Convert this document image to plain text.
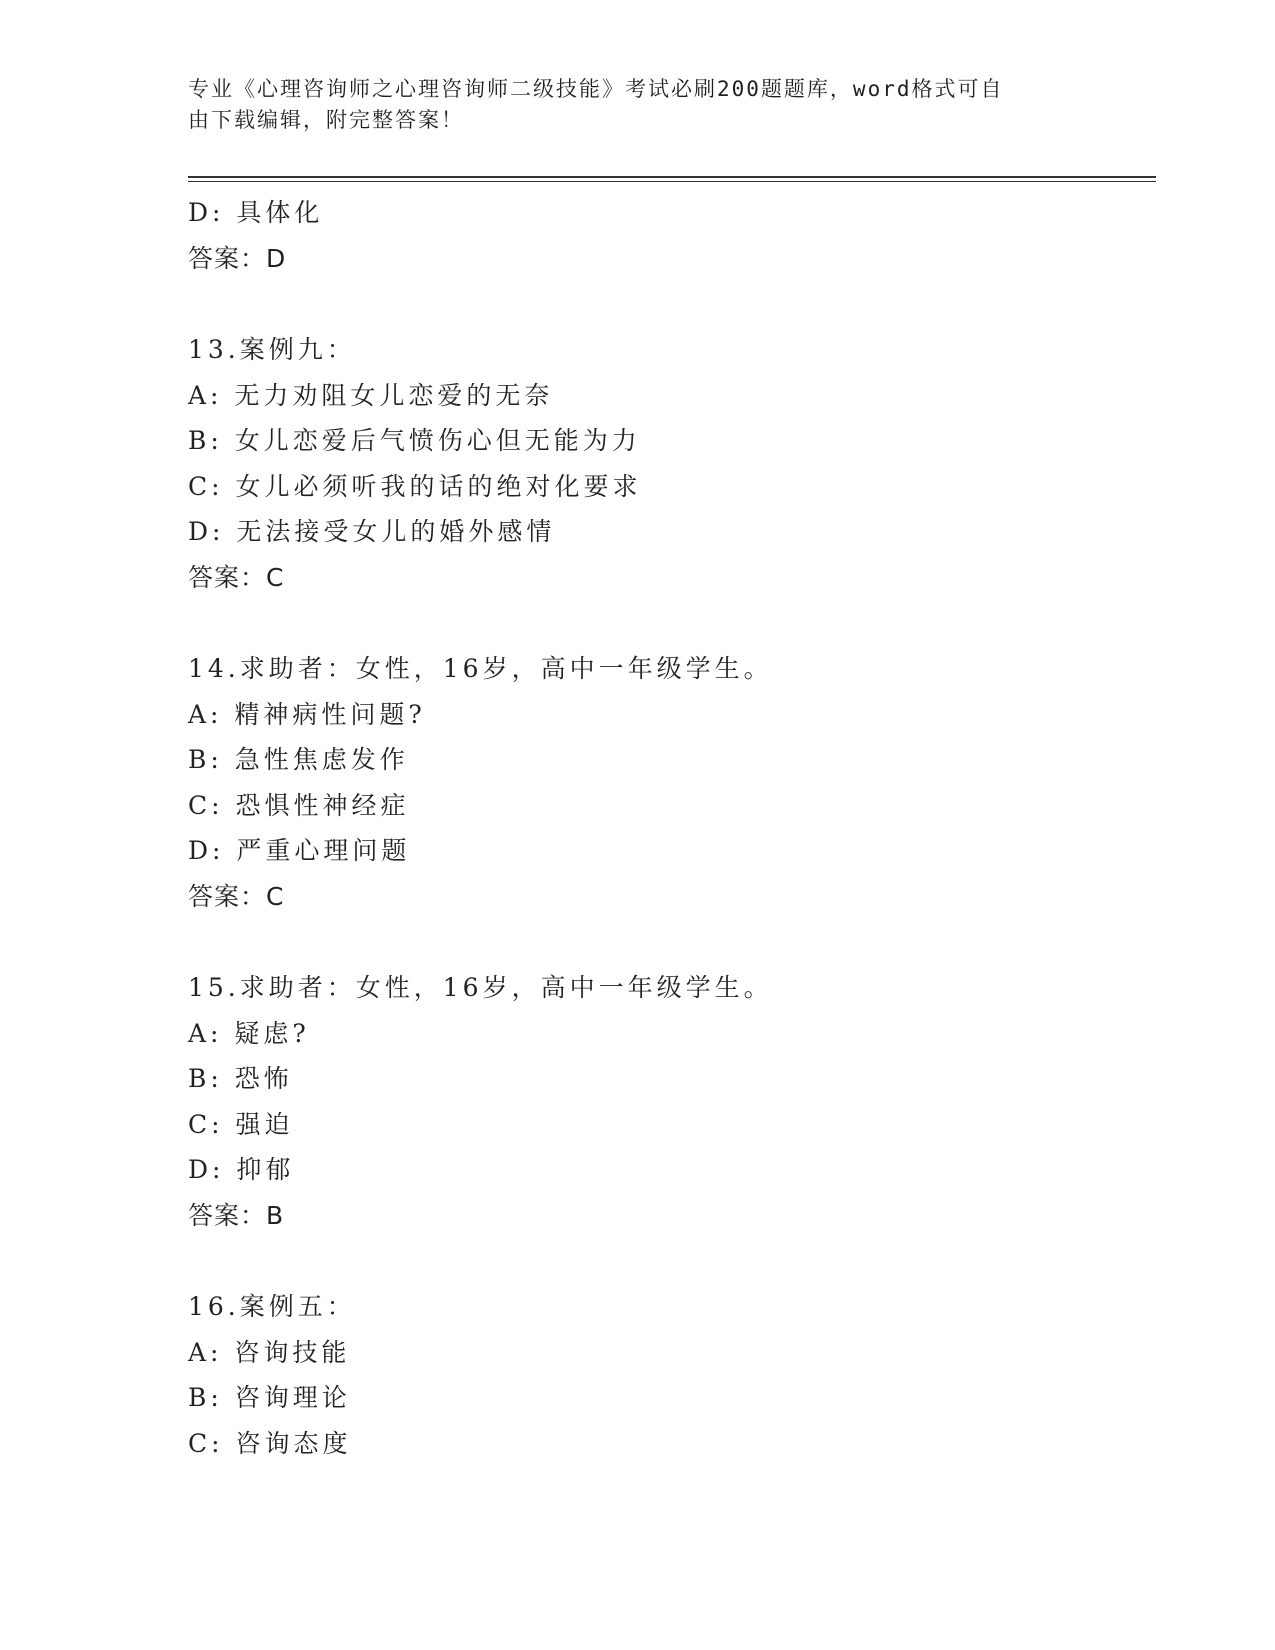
专业《心理咨询师之心理咨询师二级技能》考试必刷200题题库，word格式可自
由下载编辑，附完整答案！
D: 具体化
答案：D
13.案例九：
A: 无力劝阻女儿恋爱的无奈
B: 女儿恋爱后气愤伤心但无能为力
C: 女儿必须听我的话的绝对化要求
D: 无法接受女儿的婚外感情
答案：C
14.求助者：女性，16岁，高中一年级学生。
A: 精神病性问题?
B: 急性焦虑发作
C: 恐惧性神经症
D: 严重心理问题
答案：C
15.求助者：女性，16岁，高中一年级学生。
A: 疑虑?
B: 恐怖
C: 强迫
D: 抑郁
答案：B
16.案例五：
A: 咨询技能
B: 咨询理论
C: 咨询态度
